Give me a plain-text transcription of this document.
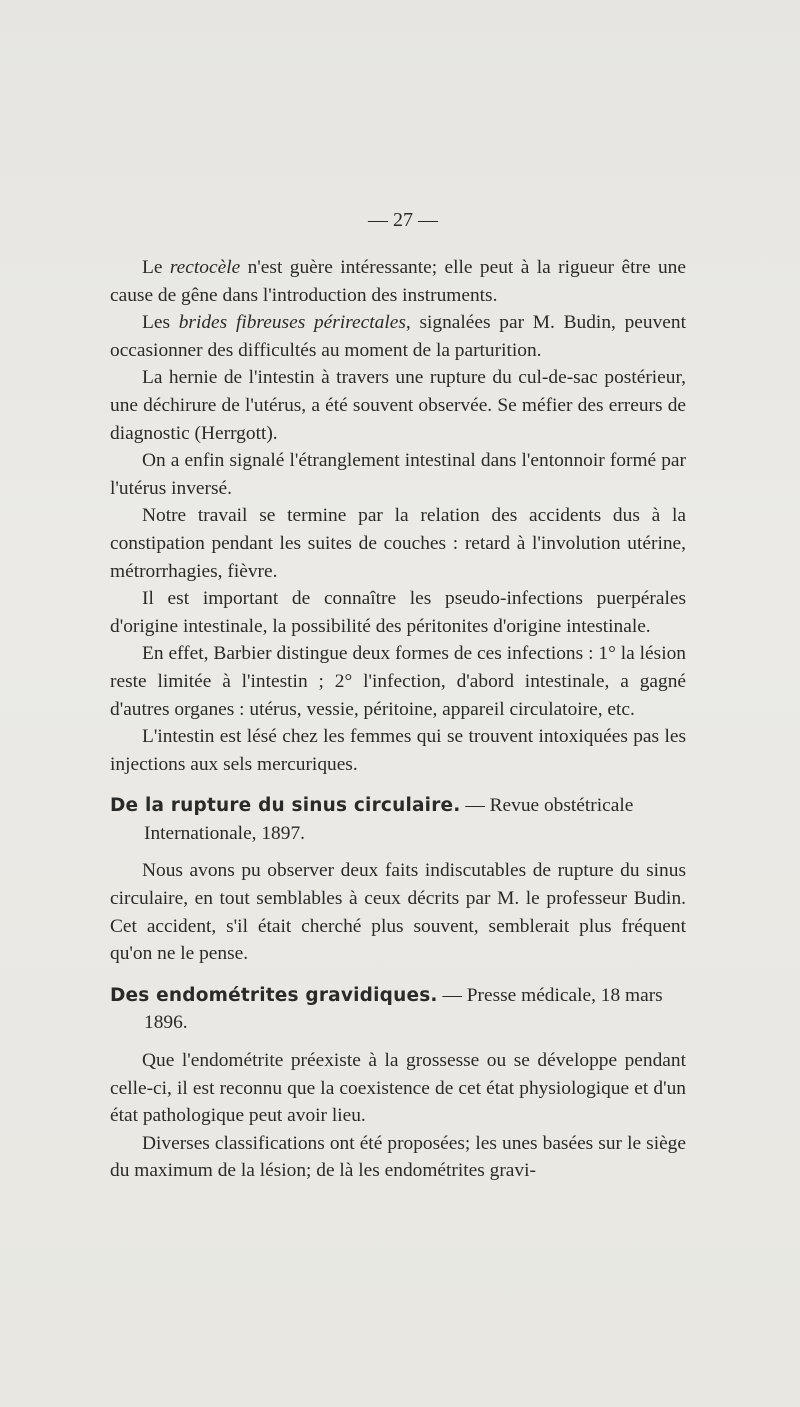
— 27 —

Le rectocèle n'est guère intéressante; elle peut à la rigueur être une cause de gêne dans l'introduction des instruments.

Les brides fibreuses périrectales, signalées par M. Budin, peuvent occasionner des difficultés au moment de la parturition.

La hernie de l'intestin à travers une rupture du cul-de-sac postérieur, une déchirure de l'utérus, a été souvent observée. Se méfier des erreurs de diagnostic (Herrgott).

On a enfin signalé l'étranglement intestinal dans l'entonnoir formé par l'utérus inversé.

Notre travail se termine par la relation des accidents dus à la constipation pendant les suites de couches : retard à l'involution utérine, métrorrhagies, fièvre.

Il est important de connaître les pseudo-infections puerpérales d'origine intestinale, la possibilité des péritonites d'origine intestinale.

En effet, Barbier distingue deux formes de ces infections : 1° la lésion reste limitée à l'intestin ; 2° l'infection, d'abord intestinale, a gagné d'autres organes : utérus, vessie, péritoine, appareil circulatoire, etc.

L'intestin est lésé chez les femmes qui se trouvent intoxiquées pas les injections aux sels mercuriques.

De la rupture du sinus circulaire. — Revue obstétricale Internationale, 1897.

Nous avons pu observer deux faits indiscutables de rupture du sinus circulaire, en tout semblables à ceux décrits par M. le professeur Budin. Cet accident, s'il était cherché plus souvent, semblerait plus fréquent qu'on ne le pense.

Des endométrites gravidiques. — Presse médicale, 18 mars 1896.

Que l'endométrite préexiste à la grossesse ou se développe pendant celle-ci, il est reconnu que la coexistence de cet état physiologique et d'un état pathologique peut avoir lieu.

Diverses classifications ont été proposées; les unes basées sur le siège du maximum de la lésion; de là les endométrites gravi-
